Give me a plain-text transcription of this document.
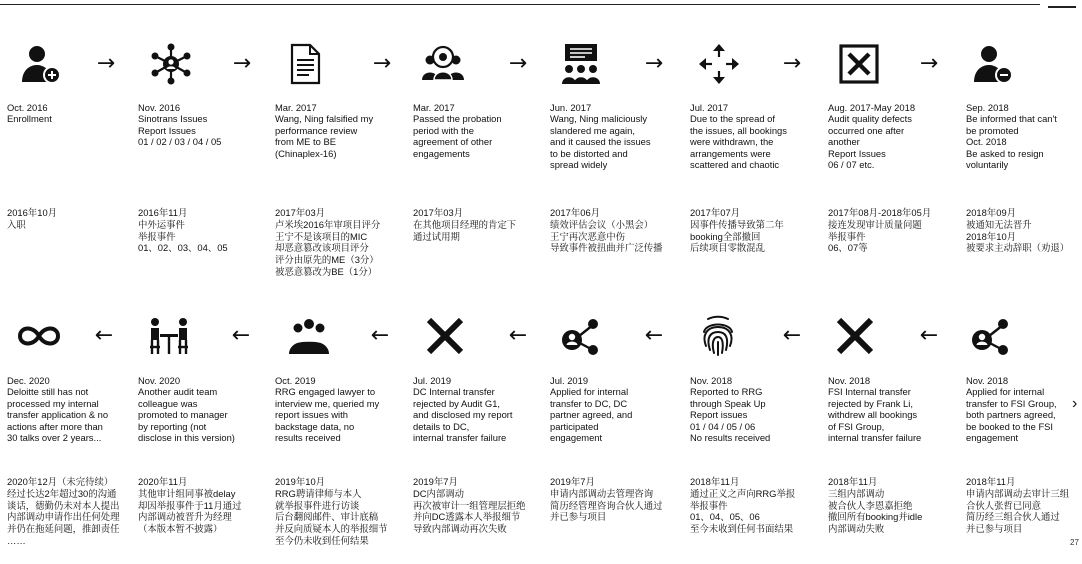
→	→	→	→	→	→	→
Oct. 2016
Enrollment
Nov. 2016
Sinotrans Issues
Report Issues
01 / 02 / 03 / 04 / 05
Mar. 2017
Wang, Ning falsified my
performance review
from ME to BE
(Chinaplex-16)
Mar. 2017
Passed the probation
period with the
agreement of other
engagements
Jun. 2017
Wang, Ning maliciously
slandered me again,
and it caused the issues
to be distorted and
spread widely
Jul. 2017
Due to the spread of
the issues, all bookings
were withdrawn, the
arrangements were
scattered and chaotic
Aug. 2017-May 2018
Audit quality defects
occurred one after
another
Report Issues
06 / 07 etc.
Sep. 2018
Be informed that can't
be promoted
Oct. 2018
Be asked to resign
voluntarily
2016年10月
入职
2016年11月
中外运事件
举报事件
01、02、03、04、05
2017年03月
卢米埃2016年审项目评分
王宁不是该项目的MIC
却恶意篡改该项目评分
评分由原先的ME（3分）
被恶意篡改为BE（1分）
2017年03月
在其他项目经理的肯定下
通过试用期
2017年06月
绩效评估会议（小黑会）
王宁再次恶意中伤
导致事件被扭曲并广泛传播
2017年07月
因事件传播导致第二年
booking全部撤回
后续项目零散混乱
2017年08月-2018年05月
接连发现审计质量问题
举报事件
06、07等
2018年09月
被通知无法晋升
2018年10月
被要求主动辞职（劝退）
›
←	←	←	←	←	←	←
Dec. 2020
Deloitte still has not
processed my internal
transfer application & no
actions after more than
30 talks over 2 years...
Nov. 2020
Another audit team
colleague was
promoted to manager
by reporting (not
disclose in this version)
Oct. 2019
RRG engaged lawyer to
interview me, queried my
report issues with
backstage data, no
results received
Jul. 2019
DC Internal transfer
rejected by Audit G1,
and disclosed my report
details to DC,
internal transfer failure
Jul. 2019
Applied for internal
transfer to DC, DC
partner agreed, and
participated
engagement
Nov. 2018
Reported to RRG
through Speak Up
Report issues
01 / 04 / 05 / 06
No results received
Nov. 2018
FSI Internal transfer
rejected by Frank Li,
withdrew all bookings
of FSI Group,
internal transfer failure
Nov. 2018
Applied for internal
transfer to FSI Group,
both partners agreed,
be booked to the FSI
engagement
2020年12月（未完待续）
经过长达2年超过30的沟通
谈话，德勤仍未对本人提出
内部调动申请作出任何处理
并仍在拖延问题，推卸责任
……
2020年11月
其他审计组同事被delay
却因举报事件于11月通过
内部调动被晋升为经理
（本版本暂不披露）
2019年10月
RRG聘请律师与本人
就举报事件进行访谈
后台翻阅邮件、审计底稿
并反向质疑本人的举报细节
至今仍未收到任何结果
2019年7月
DC内部调动
再次被审计一组管理层拒绝
并向DC透露本人举报细节
导致内部调动再次失败
2019年7月
申请内部调动去管理咨询
简历经管理咨询合伙人通过
并已参与项目
2018年11月
通过正义之声向RRG举报
举报事件
01、04、05、06
至今未收到任何书面结果
2018年11月
三组内部调动
被合伙人李恩嘉拒绝
撤回所有booking并idle
内部调动失败
2018年11月
申请内部调动去审计三组
合伙人张哲已同意
简历经三组合伙人通过
并已参与项目
27
